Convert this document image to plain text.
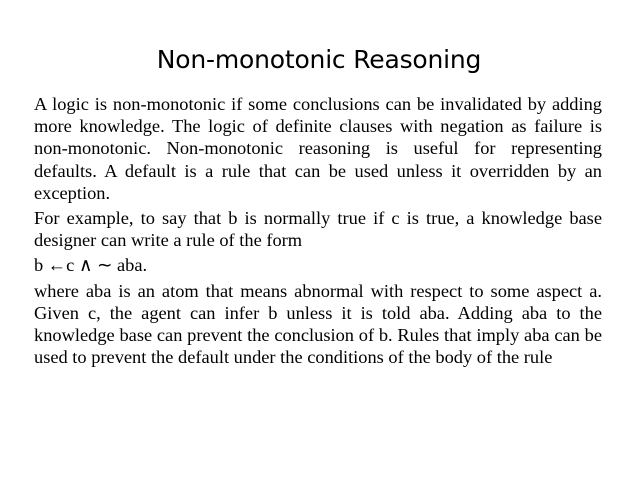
Non-monotonic Reasoning

A logic is non-monotonic if some conclusions can be invalidated by adding more knowledge. The logic of definite clauses with negation as failure is non-monotonic. Non-monotonic reasoning is useful for representing defaults. A default is a rule that can be used unless it overridden by an exception.

For example, to say that b is normally true if c is true, a knowledge base designer can write a rule of the form

b ←c ∧ ∼ aba.

where aba is an atom that means abnormal with respect to some aspect a. Given c, the agent can infer b unless it is told aba. Adding aba to the knowledge base can prevent the conclusion of b. Rules that imply aba can be used to prevent the default under the conditions of the body of the rule
